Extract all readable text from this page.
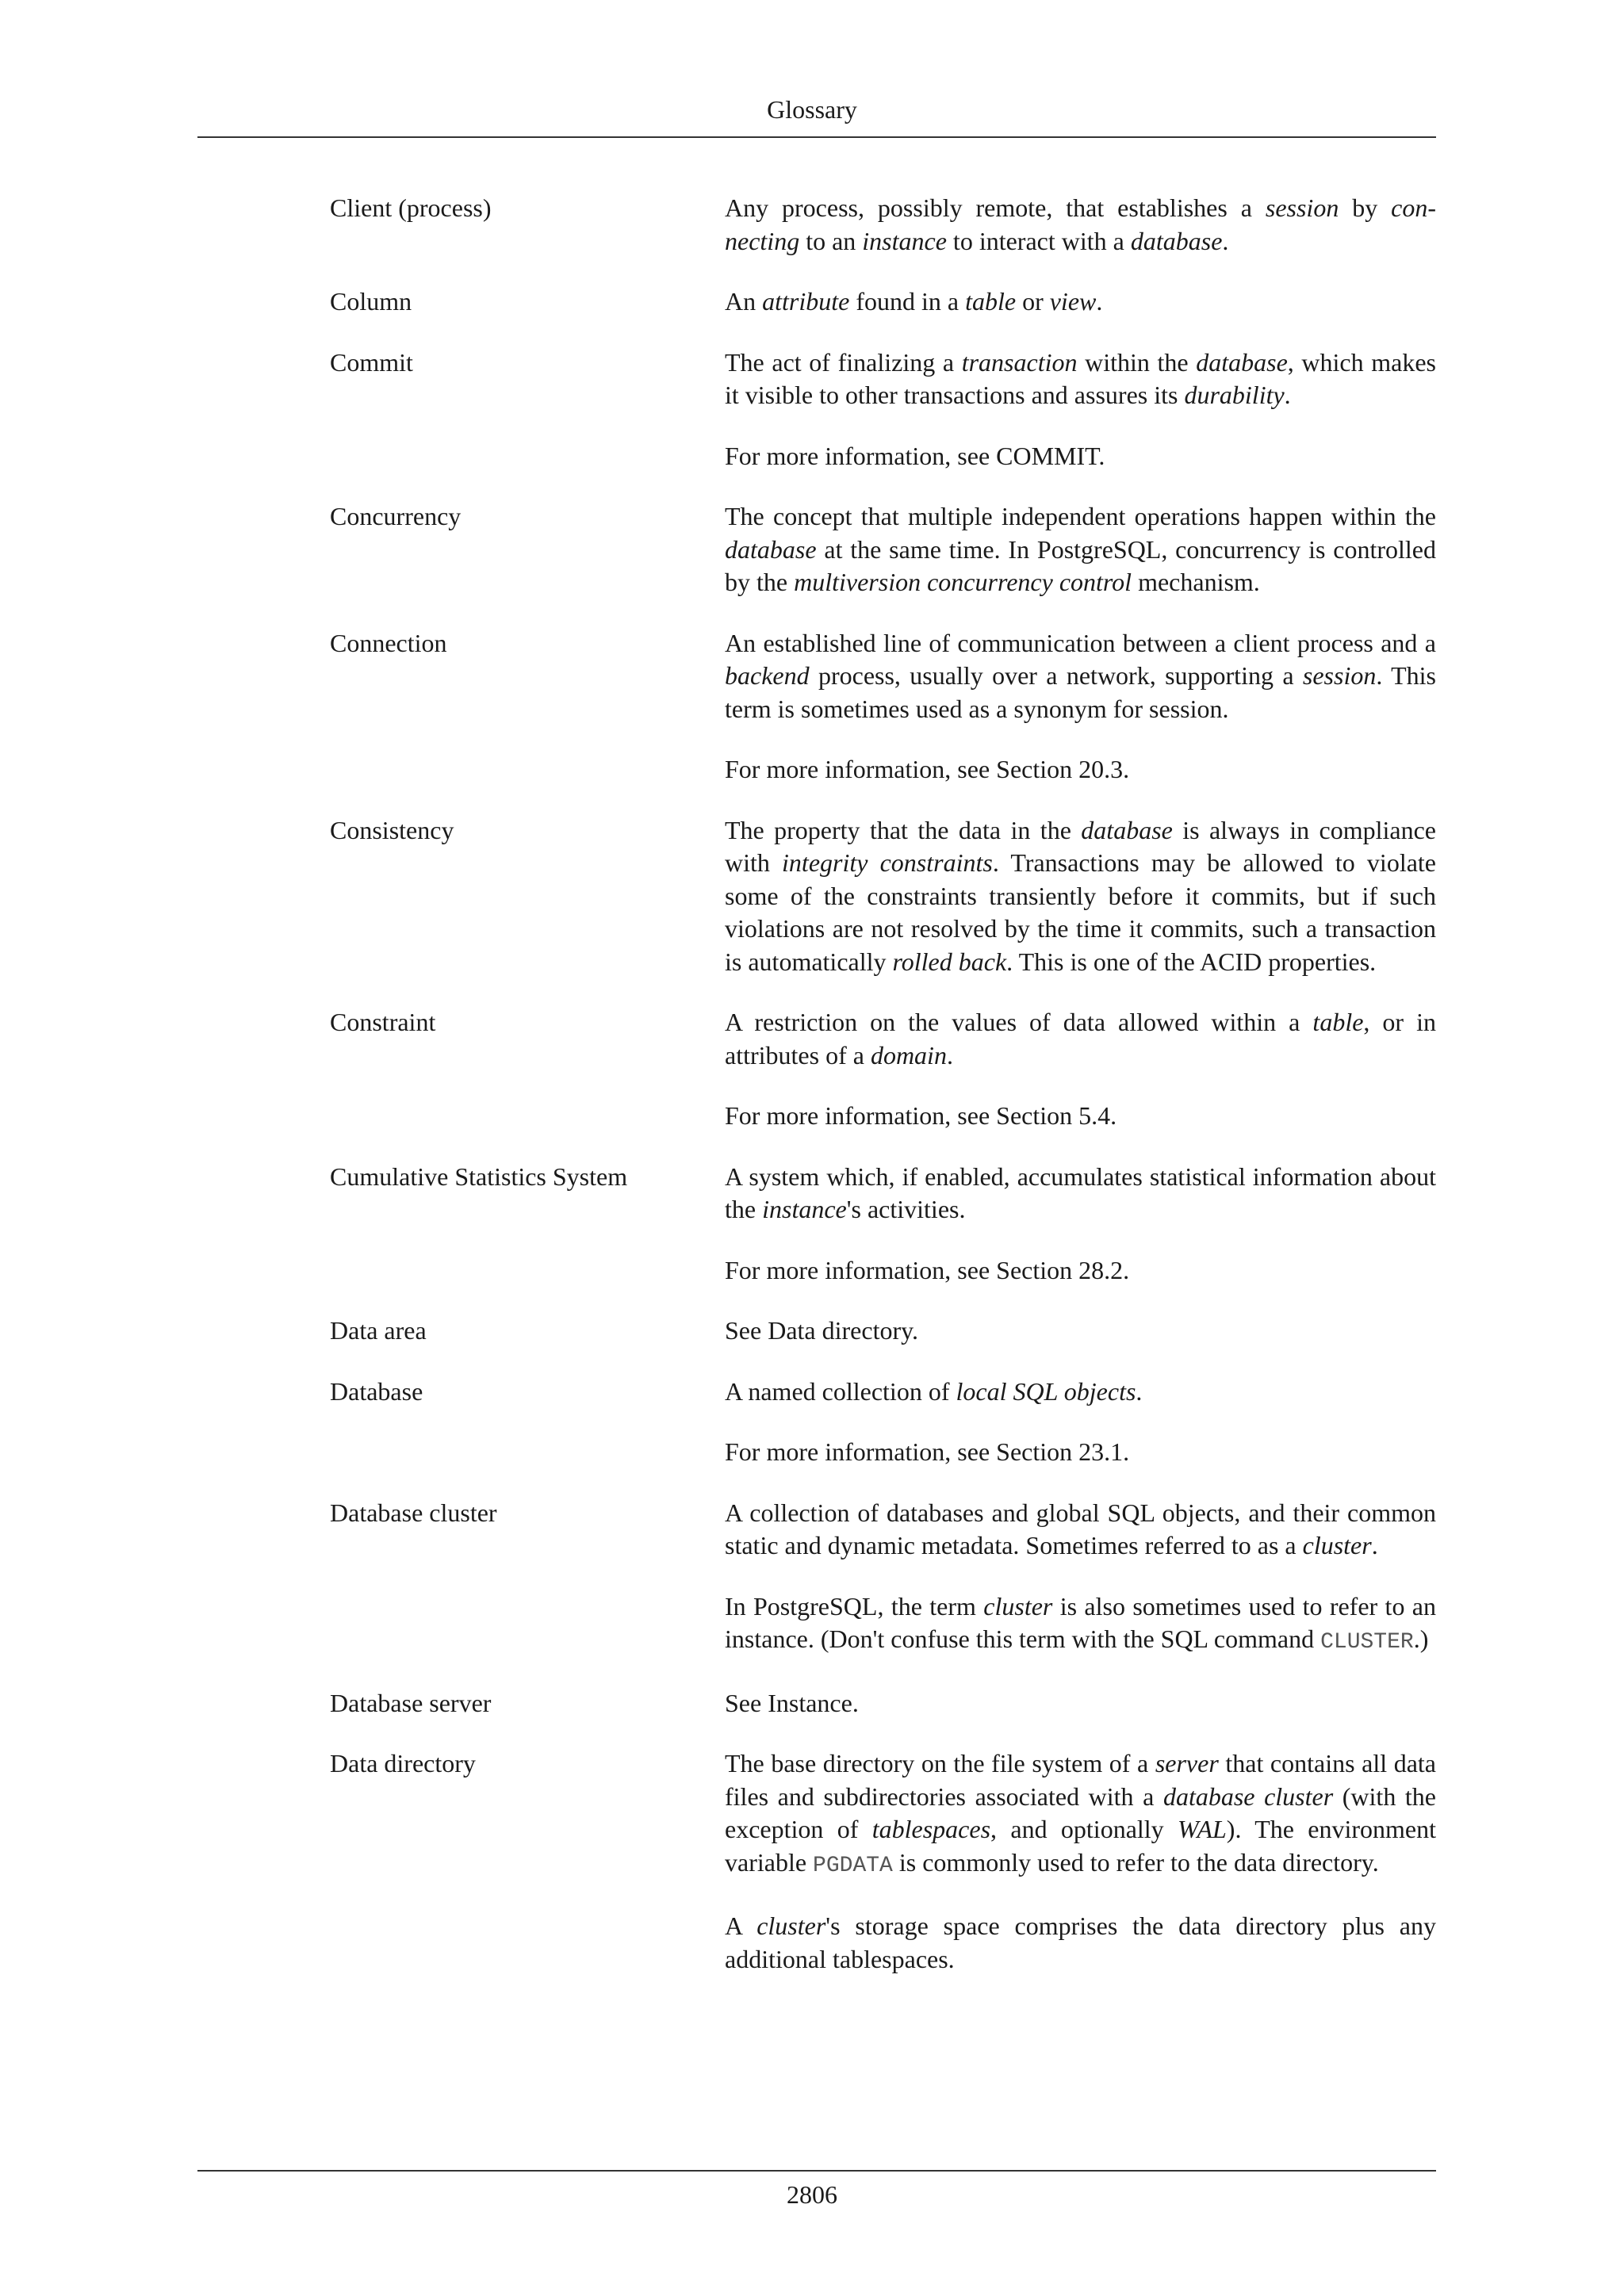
Glossary
Client (process)	Any process, possibly remote, that establishes a session by connecting to an instance to interact with a database.
Column	An attribute found in a table or view.
Commit	The act of finalizing a transaction within the database, which makes it visible to other transactions and assures its durability.
For more information, see COMMIT.
Concurrency	The concept that multiple independent operations happen within the database at the same time. In PostgreSQL, concurrency is controlled by the multiversion concurrency control mechanism.
Connection	An established line of communication between a client process and a backend process, usually over a network, supporting a session. This term is sometimes used as a synonym for session.
For more information, see Section 20.3.
Consistency	The property that the data in the database is always in compliance with integrity constraints. Transactions may be allowed to violate some of the constraints transiently before it commits, but if such violations are not resolved by the time it commits, such a transaction is automatically rolled back. This is one of the ACID properties.
Constraint	A restriction on the values of data allowed within a table, or in attributes of a domain.
For more information, see Section 5.4.
Cumulative Statistics System	A system which, if enabled, accumulates statistical information about the instance's activities.
For more information, see Section 28.2.
Data area	See Data directory.
Database	A named collection of local SQL objects.
For more information, see Section 23.1.
Database cluster	A collection of databases and global SQL objects, and their common static and dynamic metadata. Sometimes referred to as a cluster.
In PostgreSQL, the term cluster is also sometimes used to refer to an instance. (Don't confuse this term with the SQL command CLUSTER.)
Database server	See Instance.
Data directory	The base directory on the file system of a server that contains all data files and subdirectories associated with a database cluster (with the exception of tablespaces, and optionally WAL). The environment variable PGDATA is commonly used to refer to the data directory.
A cluster's storage space comprises the data directory plus any additional tablespaces.
2806
